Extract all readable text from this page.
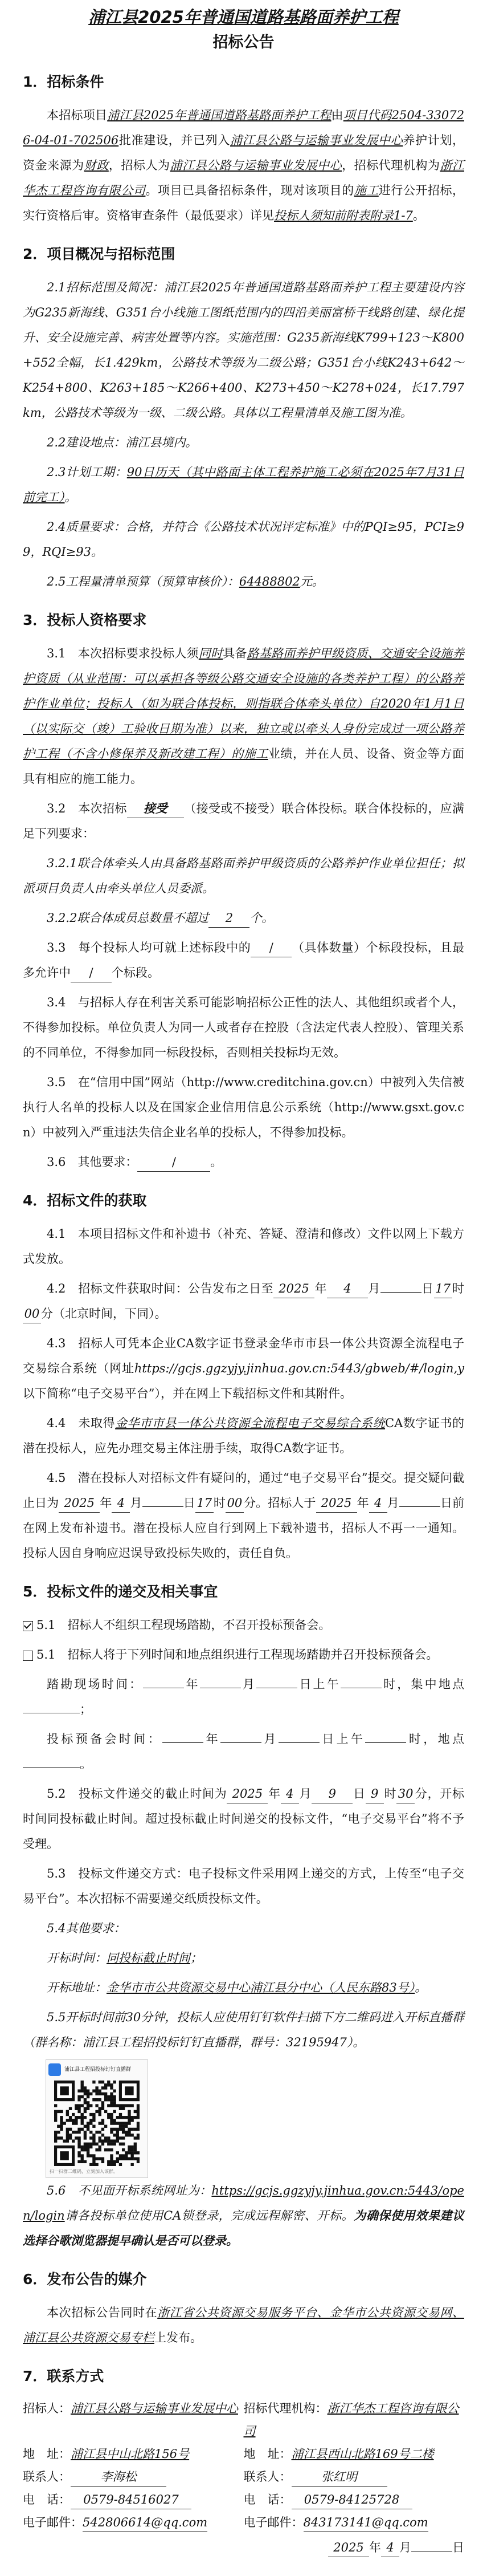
浦江县2025年普通国道路基路面养护工程
招标公告
1．招标条件

本招标项目浦江县2025年普通国道路基路面养护工程由项目代码2504-330726-04-01-702506批准建设，并已列入浦江县公路与运输事业发展中心养护计划，资金来源为财政，招标人为浦江县公路与运输事业发展中心，招标代理机构为浙江华杰工程咨询有限公司。项目已具备招标条件，现对该项目的施工进行公开招标，实行资格后审。资格审查条件（最低要求）详见投标人须知前附表附录1-7。

2．项目概况与招标范围

2.1招标范围及简况：浦江县2025年普通国道路基路面养护工程主要建设内容为G235新海线、G351台小线施工图纸范围内的四沿美丽富桥干线路创建、绿化提升、安全设施完善、病害处置等内容。实施范围：G235新海线K799+123～K800+552全幅，长1.429km，公路技术等级为二级公路；G351台小线K243+642～K254+800、K263+185～K266+400、K273+450～K278+024，长17.797km，公路技术等级为一级、二级公路。具体以工程量清单及施工图为准。

2.2建设地点：浦江县境内。

2.3计划工期：90日历天（其中路面主体工程养护施工必须在2025年7月31日前完工）。

2.4质量要求：合格，并符合《公路技术状况评定标准》中的PQI≥95，PCI≥99，RQI≥93。

2.5工程量清单预算（预算审核价）：64488802元。

3．投标人资格要求

3.1　本次招标要求投标人须同时具备路基路面养护甲级资质、交通安全设施养护资质（从业范围：可以承担各等级公路交通安全设施的各类养护工程）的公路养护作业单位；投标人（如为联合体投标，则指联合体牵头单位）自2020年1月1日（以实际交（竣）工验收日期为准）以来，独立或以牵头人身份完成过一项公路养护工程（不含小修保养及新改建工程）的施工业绩，并在人员、设备、资金等方面具有相应的施工能力。

3.2　本次招标 接受 （接受或不接受）联合体投标。联合体投标的，应满足下列要求：

3.2.1联合体牵头人由具备路基路面养护甲级资质的公路养护作业单位担任；拟派项目负责人由牵头单位人员委派。

3.2.2联合体成员总数量不超过 2 个。

3.3　每个投标人均可就上述标段中的 / （具体数量）个标段投标，且最多允许中 / 个标段。

3.4　与招标人存在利害关系可能影响招标公正性的法人、其他组织或者个人，不得参加投标。单位负责人为同一人或者存在控股（含法定代表人控股）、管理关系的不同单位，不得参加同一标段投标，否则相关投标均无效。

3.5　在“信用中国”网站（http://www.creditchina.gov.cn）中被列入失信被执行人名单的投标人以及在国家企业信用信息公示系统（http://www.gsxt.gov.cn）中被列入严重违法失信企业名单的投标人，不得参加投标。

3.6　其他要求：	/	。

4．招标文件的获取

4.1　本项目招标文件和补遗书（补充、答疑、澄清和修改）文件以网上下载方式发放。

4.2　招标文件获取时间：公告发布之日至 2025 年 4 月	日 17 时00 分（北京时间，下同）。

4.3　招标人可凭本企业CA数字证书登录金华市市县一体公共资源全流程电子交易综合系统（网址https://gcjs.ggzyjy.jinhua.gov.cn:5443/gbweb/#/login,y以下简称“电子交易平台”），并在网上下载招标文件和其附件。

4.4　未取得金华市市县一体公共资源全流程电子交易综合系统CA数字证书的潜在投标人，应先办理交易主体注册手续，取得CA数字证书。

4.5　潜在投标人对招标文件有疑问的，通过“电子交易平台”提交。提交疑问截止日为 2025 年 4 月	日 17 时 00 分。招标人于 2025 年 4 月	日前在网上发布补遗书。潜在投标人应自行到网上下载补遗书，招标人不再一一通知。投标人因自身响应迟误导致投标失败的，责任自负。

5．投标文件的递交及相关事宜

5.1　招标人不组织工程现场踏勘，不召开投标预备会。

5.1　招标人将于下列时间和地点组织进行工程现场踏勘并召开投标预备会。

踏勘现场时间：	年	月	日上午	时，集中地点；

投标预备会时间：	年	月	日上午	时，地点。

5.2　投标文件递交的截止时间为 2025 年 4 月 9 日 9 时 30 分，开标时间同投标截止时间。超过投标截止时间递交的投标文件，“电子交易平台”将不予受理。

5.3　投标文件递交方式：电子投标文件采用网上递交的方式，上传至“电子交易平台”。本次招标不需要递交纸质投标文件。

5.4其他要求：

开标时间：同投标截止时间；

开标地址：金华市市公共资源交易中心浦江县分中心（人民东路83号）。

5.5开标时间前30分钟，投标人应使用钉钉软件扫描下方二维码进入开标直播群（群名称：浦江县工程招投标钉钉直播群，群号：32195947）。

浦江县工程招投标钉钉直播群
扫一扫群二维码，立刻加入该群。

5.6　不见面开标系统网址为：https://gcjs.ggzyjy.jinhua.gov.cn:5443/open/login请各投标单位使用CA锁登录，完成远程解密、开标。为确保使用效果建议选择谷歌浏览器提早确认是否可以登录。

6．发布公告的媒介

本次招标公告同时在浙江省公共资源交易服务平台、金华市公共资源交易网、浦江县公共资源交易专栏上发布。

7．联系方式
招标人：浦江县公路与运输事业发展中心 招标代理机构：浙江华杰工程咨询有限公司
地　址：浦江县中山北路156号	地　址：浦江县西山北路169号二楼
联系人：	李海松	联系人：	张红明
电　话： 0579-84516027	电　话： 0579-84125728
电子邮件：542806614@qq.com	电子邮件：843173141@qq.com

2025 年 4 月	日
